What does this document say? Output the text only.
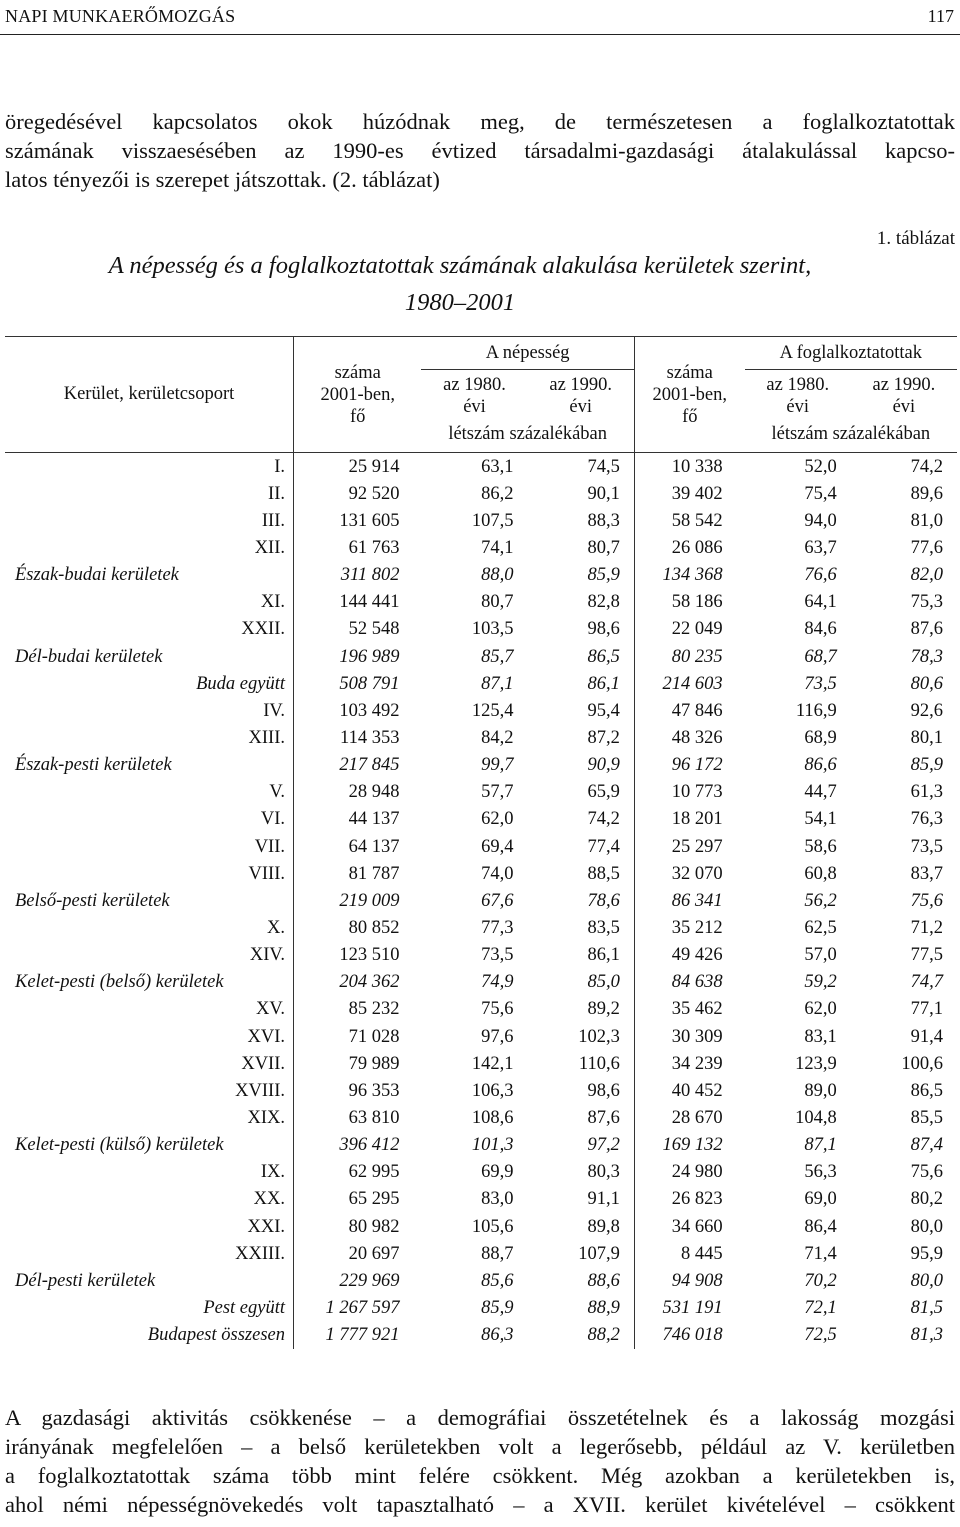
NAPI MUNKAERŐMOZGÁS	117
öregedésével kapcsolatos okok húzódnak meg, de természetesen a foglalkoztatottak
számának visszaesésében az 1990-es évtized társadalmi-gazdasági átalakulással kapcso-
latos tényezői is szerepet játszottak. (2. táblázat)
1. táblázat
A népesség és a foglalkoztatottak számának alakulása kerületek szerint,
1980–2001
Kerület, kerületcsoport	száma
2001-ben,
fő	A népesség		száma
2001-ben,
fő	A foglalkoztatottak	
		az 1980.
évi	az 1990.
évi		az 1980.
évi	az 1990.
évi
		létszám százalékában			létszám százalékában	
I.	25 914	63,1	74,5	10 338	52,0	74,2
II.	92 520	86,2	90,1	39 402	75,4	89,6
III.	131 605	107,5	88,3	58 542	94,0	81,0
XII.	61 763	74,1	80,7	26 086	63,7	77,6
Észak-budai kerületek	311 802	88,0	85,9	134 368	76,6	82,0
XI.	144 441	80,7	82,8	58 186	64,1	75,3
XXII.	52 548	103,5	98,6	22 049	84,6	87,6
Dél-budai kerületek	196 989	85,7	86,5	80 235	68,7	78,3
Buda együtt	508 791	87,1	86,1	214 603	73,5	80,6
IV.	103 492	125,4	95,4	47 846	116,9	92,6
XIII.	114 353	84,2	87,2	48 326	68,9	80,1
Észak-pesti kerületek	217 845	99,7	90,9	96 172	86,6	85,9
V.	28 948	57,7	65,9	10 773	44,7	61,3
VI.	44 137	62,0	74,2	18 201	54,1	76,3
VII.	64 137	69,4	77,4	25 297	58,6	73,5
VIII.	81 787	74,0	88,5	32 070	60,8	83,7
Belső-pesti kerületek	219 009	67,6	78,6	86 341	56,2	75,6
X.	80 852	77,3	83,5	35 212	62,5	71,2
XIV.	123 510	73,5	86,1	49 426	57,0	77,5
Kelet-pesti (belső) kerületek	204 362	74,9	85,0	84 638	59,2	74,7
XV.	85 232	75,6	89,2	35 462	62,0	77,1
XVI.	71 028	97,6	102,3	30 309	83,1	91,4
XVII.	79 989	142,1	110,6	34 239	123,9	100,6
XVIII.	96 353	106,3	98,6	40 452	89,0	86,5
XIX.	63 810	108,6	87,6	28 670	104,8	85,5
Kelet-pesti (külső) kerületek	396 412	101,3	97,2	169 132	87,1	87,4
IX.	62 995	69,9	80,3	24 980	56,3	75,6
XX.	65 295	83,0	91,1	26 823	69,0	80,2
XXI.	80 982	105,6	89,8	34 660	86,4	80,0
XXIII.	20 697	88,7	107,9	8 445	71,4	95,9
Dél-pesti kerületek	229 969	85,6	88,6	94 908	70,2	80,0
Pest együtt	1 267 597	85,9	88,9	531 191	72,1	81,5
Budapest összesen	1 777 921	86,3	88,2	746 018	72,5	81,3
A gazdasági aktivitás csökkenése – a demográfiai összetételnek és a lakosság mozgási
irányának megfelelően – a belső kerületekben volt a legerősebb, például az V. kerületben
a foglalkoztatottak száma több mint felére csökkent. Még azokban a kerületekben is,
ahol némi népességnövekedés volt tapasztalható – a XVII. kerület kivételével – csökkent
